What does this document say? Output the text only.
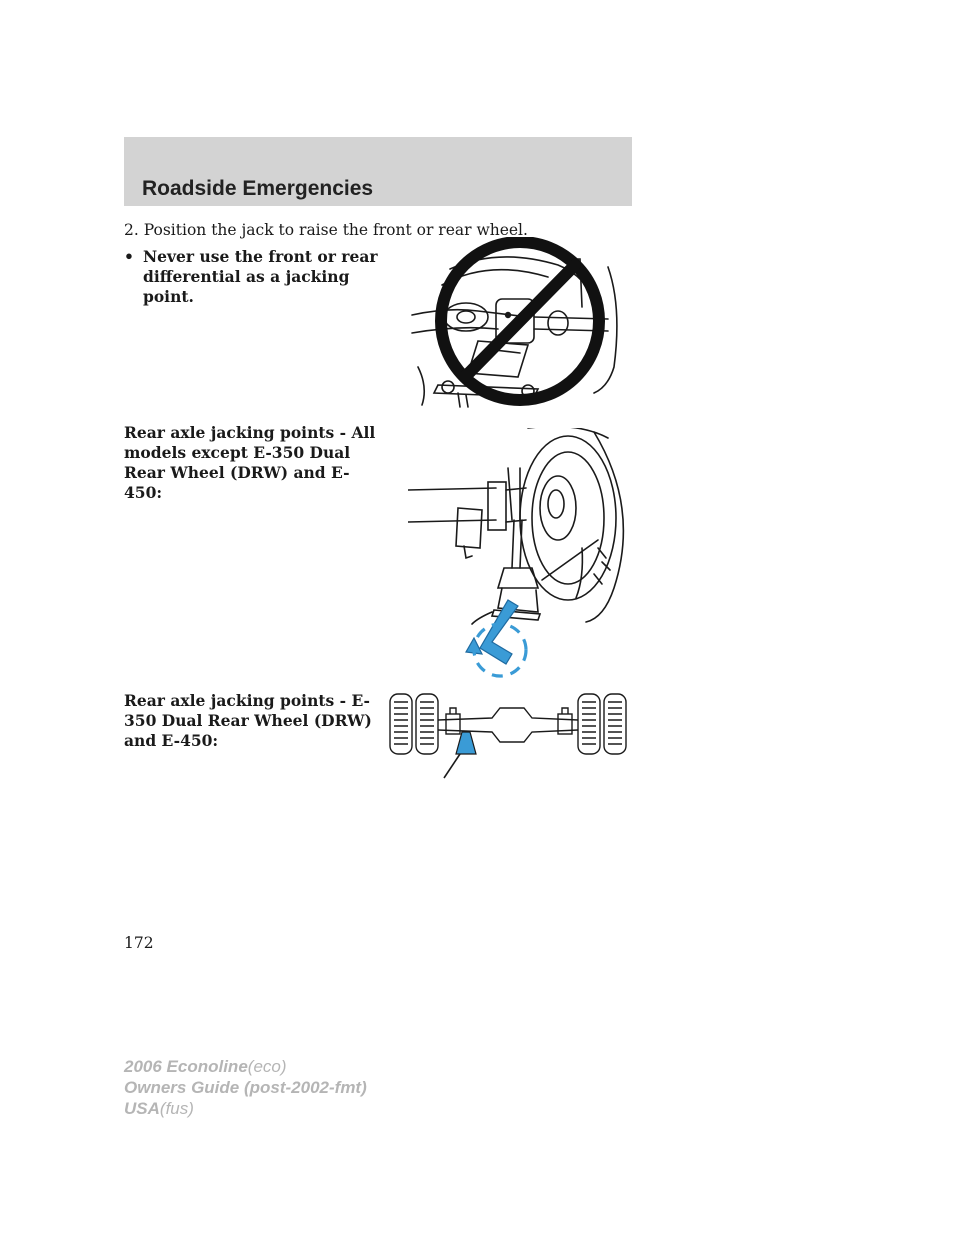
Roadside Emergencies

2. Position the jack to raise the front or rear wheel.

• Never use the front or rear differential as a jacking point.
Rear axle jacking points - All models except E-350 Dual Rear Wheel (DRW) and E-450:
Rear axle jacking points - E-350 Dual Rear Wheel (DRW) and E-450:

172

2006 Econoline(eco)
Owners Guide (post-2002-fmt)
USA(fus)
